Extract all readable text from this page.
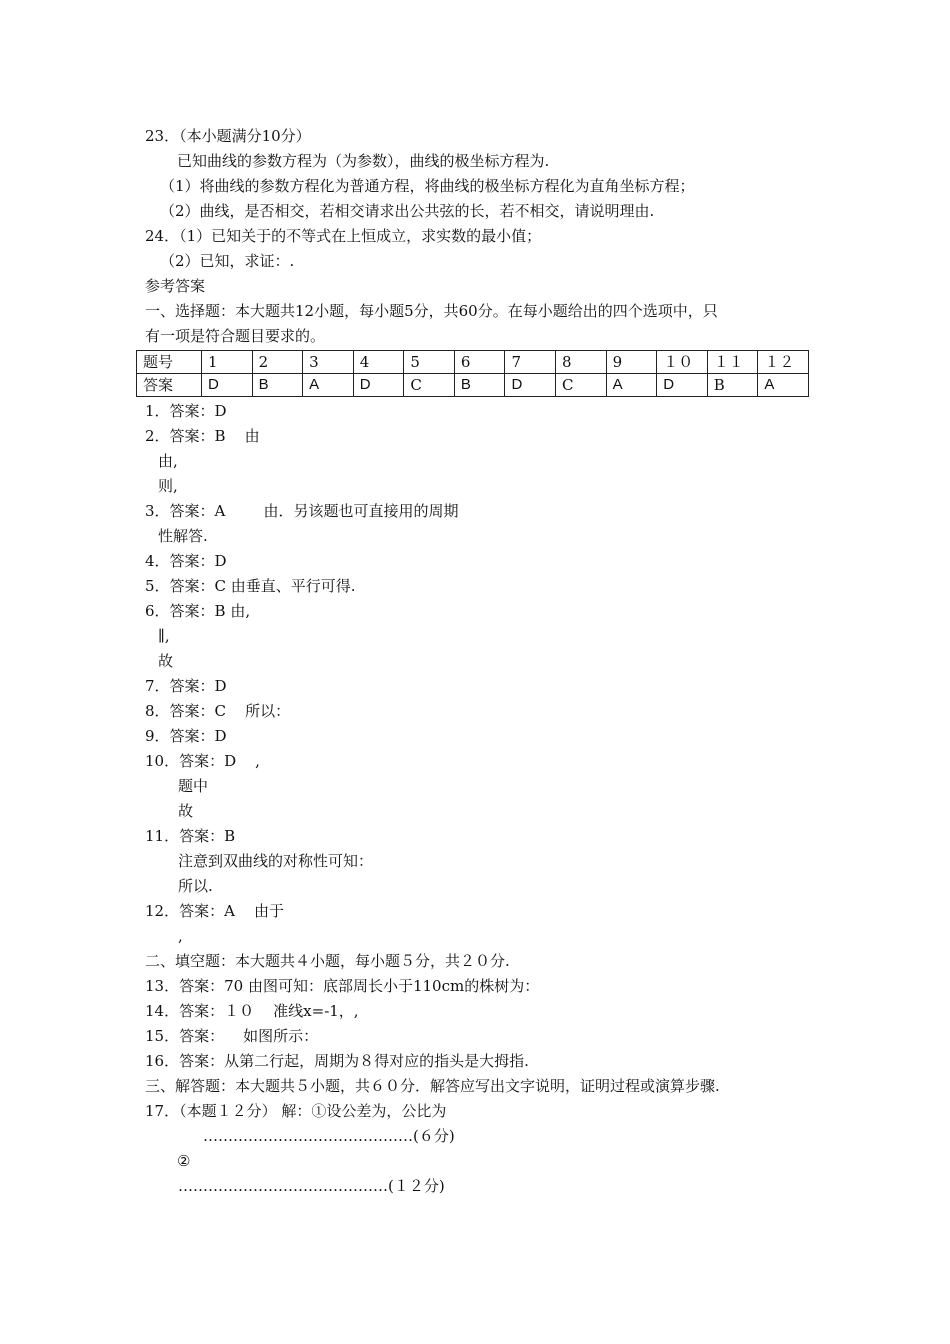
23．（本小题满分10分）
已知曲线的参数方程为（为参数），曲线的极坐标方程为.
（1）将曲线的参数方程化为普通方程，将曲线的极坐标方程化为直角坐标方程；
（2）曲线，是否相交，若相交请求出公共弦的长，若不相交，请说明理由.
24．（1）已知关于的不等式在上恒成立，求实数的最小值；
（2）已知，求证：.
参考答案
一、选择题：本大题共12小题，每小题5分，共60分。在每小题给出的四个选项中，只
有一项是符合题目要求的。
1．答案：D
2．答案：B    由
由,
则,
3．答案：A        由．另该题也可直接用的周期
性解答.
4．答案：D
5．答案：C 由垂直、平行可得.
6．答案：B 由,
∥,
故
7．答案：D
8．答案：C    所以：
9．答案：D
10．答案：D    ,
题中
故
11．答案：B
注意到双曲线的对称性可知：
所以.
12．答案：A    由于
,
二、填空题：本大题共４小题，每小题５分，共２０分.
13．答案：70 由图可知：底部周长小于110cm的株树为：
14．答案：１０    准线x=-1，,
15．答案：    如图所示：
16．答案：从第二行起，周期为８得对应的指头是大拇指.
三、解答题：本大题共５小题，共６０分．解答应写出文字说明，证明过程或演算步骤.
17．（本题１２分） 解：①设公差为，公比为
……………………………………(６分)
②
……………………………………(１２分)
题号	1	2	3	4	5	6	7	8	9	１０	１１	１２
答案	D	B	A	D	C	B	D	C	A	D	B	A
